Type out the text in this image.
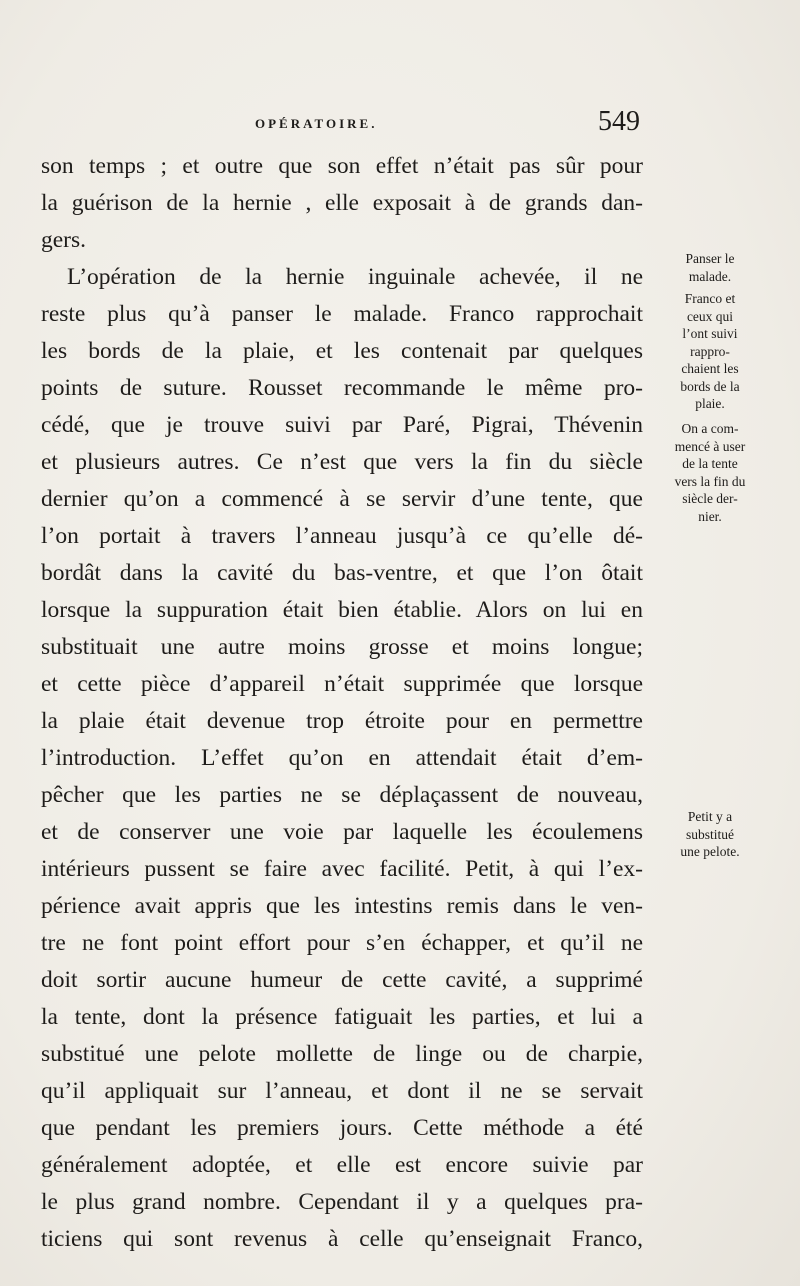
OPÉRATOIRE.	549
son temps ; et outre que son effet n’était pas sûr pour
la guérison de la hernie , elle exposait à de grands dan-
gers.
L’opération de la hernie inguinale achevée, il ne
reste plus qu’à panser le malade. Franco rapprochait
les bords de la plaie, et les contenait par quelques
points de suture. Rousset recommande le même pro-
cédé, que je trouve suivi par Paré, Pigrai, Thévenin
et plusieurs autres. Ce n’est que vers la fin du siècle
dernier qu’on a commencé à se servir d’une tente, que
l’on portait à travers l’anneau jusqu’à ce qu’elle dé-
bordât dans la cavité du bas-ventre, et que l’on ôtait
lorsque la suppuration était bien établie. Alors on lui en
substituait une autre moins grosse et moins longue;
et cette pièce d’appareil n’était supprimée que lorsque
la plaie était devenue trop étroite pour en permettre
l’introduction. L’effet qu’on en attendait était d’em-
pêcher que les parties ne se déplaçassent de nouveau,
et de conserver une voie par laquelle les écoulemens
intérieurs pussent se faire avec facilité. Petit, à qui l’ex-
périence avait appris que les intestins remis dans le ven-
tre ne font point effort pour s’en échapper, et qu’il ne
doit sortir aucune humeur de cette cavité, a supprimé
la tente, dont la présence fatiguait les parties, et lui a
substitué une pelote mollette de linge ou de charpie,
qu’il appliquait sur l’anneau, et dont il ne se servait
que pendant les premiers jours. Cette méthode a été
généralement adoptée, et elle est encore suivie par
le plus grand nombre. Cependant il y a quelques pra-
ticiens qui sont revenus à celle qu’enseignait Franco,
Panser le
malade.
Franco et
ceux qui
l’ont suivi
rappro-
chaient les
bords de la
plaie.
On a com-
mencé à user
de la tente
vers la fin du
siècle der-
nier.
Petit y a
substitué
une pelote.
